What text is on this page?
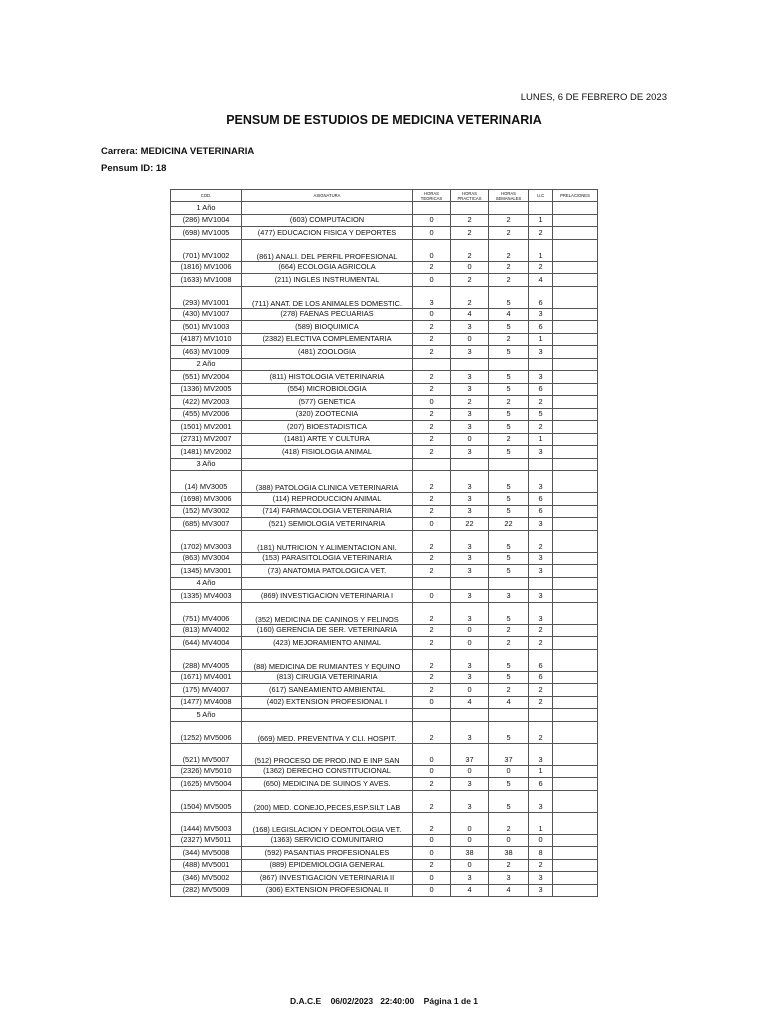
LUNES, 6 DE FEBRERO DE 2023
PENSUM DE ESTUDIOS DE MEDICINA VETERINARIA
Carrera: MEDICINA VETERINARIA
Pensum ID: 18
COD.	ASIGNATURA	HORAS TEORICAS	HORAS PRACTICAS	HORAS SEMANALES	U.C	PRELACIONES
1 Año						
(286) MV1004	(603) COMPUTACION	0	2	2	1	
(698) MV1005	(477) EDUCACION FISICA Y DEPORTES	0	2	2	2	
(701) MV1002	(861) ANALI. DEL PERFIL PROFESIONAL	0	2	2	1	
(1816) MV1006	(664) ECOLOGIA AGRICOLA	2	0	2	2	
(1633) MV1008	(211) INGLES INSTRUMENTAL	0	2	2	4	
(293) MV1001	(711) ANAT. DE LOS ANIMALES DOMESTIC.	3	2	5	6	
(430) MV1007	(278) FAENAS PECUARIAS	0	4	4	3	
(501) MV1003	(589) BIOQUIMICA	2	3	5	6	
(4187) MV1010	(2382) ELECTIVA COMPLEMENTARIA	2	0	2	1	
(463) MV1009	(481) ZOOLOGIA	2	3	5	3	
2 Año						
(551) MV2004	(811) HISTOLOGIA VETERINARIA	2	3	5	3	
(1336) MV2005	(554) MICROBIOLOGIA	2	3	5	6	
(422) MV2003	(577) GENETICA	0	2	2	2	
(455) MV2006	(320) ZOOTECNIA	2	3	5	5	
(1501) MV2001	(207) BIOESTADISTICA	2	3	5	2	
(2731) MV2007	(1481) ARTE Y CULTURA	2	0	2	1	
(1481) MV2002	(418) FISIOLOGIA ANIMAL	2	3	5	3	
3 Año						
(14) MV3005	(388) PATOLOGIA CLINICA VETERINARIA	2	3	5	3	
(1698) MV3006	(114) REPRODUCCION ANIMAL	2	3	5	6	
(152) MV3002	(714) FARMACOLOGIA VETERINARIA	2	3	5	6	
(685) MV3007	(521) SEMIOLOGIA VETERINARIA	0	22	22	3	
(1702) MV3003	(181) NUTRICION Y ALIMENTACION ANI.	2	3	5	2	
(863) MV3004	(153) PARASITOLOGIA VETERINARIA	2	3	5	3	
(1345) MV3001	(73) ANATOMIA PATOLOGICA VET.	2	3	5	3	
4 Año						
(1335) MV4003	(869) INVESTIGACION VETERINARIA I	0	3	3	3	
(751) MV4006	(352) MEDICINA DE CANINOS Y FELINOS	2	3	5	3	
(813) MV4002	(160) GERENCIA DE SER. VETERINARIA	2	0	2	2	
(644) MV4004	(423) MEJORAMIENTO ANIMAL	2	0	2	2	
(288) MV4005	(88) MEDICINA DE RUMIANTES Y EQUINO	2	3	5	6	
(1671) MV4001	(813) CIRUGIA VETERINARIA	2	3	5	6	
(175) MV4007	(617) SANEAMIENTO AMBIENTAL	2	0	2	2	
(1477) MV4008	(402) EXTENSION PROFESIONAL I	0	4	4	2	
5 Año						
(1252) MV5006	(669) MED. PREVENTIVA Y CLI. HOSPIT.	2	3	5	2	
(521) MV5007	(512) PROCESO DE PROD.IND E INP SAN	0	37	37	3	
(2326) MV5010	(1362) DERECHO CONSTITUCIONAL	0	0	0	1	
(1625) MV5004	(650) MEDICINA DE SUINOS Y AVES.	2	3	5	6	
(1504) MV5005	(200) MED. CONEJO,PECES,ESP.SILT LAB	2	3	5	3	
(1444) MV5003	(168) LEGISLACION Y DEONTOLOGIA VET.	2	0	2	1	
(2327) MV5011	(1363) SERVICIO COMUNITARIO	0	0	0	0	
(344) MV5008	(592) PASANTIAS PROFESIONALES	0	38	38	8	
(488) MV5001	(889) EPIDEMIOLOGIA GENERAL	2	0	2	2	
(346) MV5002	(867) INVESTIGACION VETERINARIA II	0	3	3	3	
(282) MV5009	(306) EXTENSION PROFESIONAL II	0	4	4	3	
D.A.C.E    06/02/2023   22:40:00    Página 1 de 1
